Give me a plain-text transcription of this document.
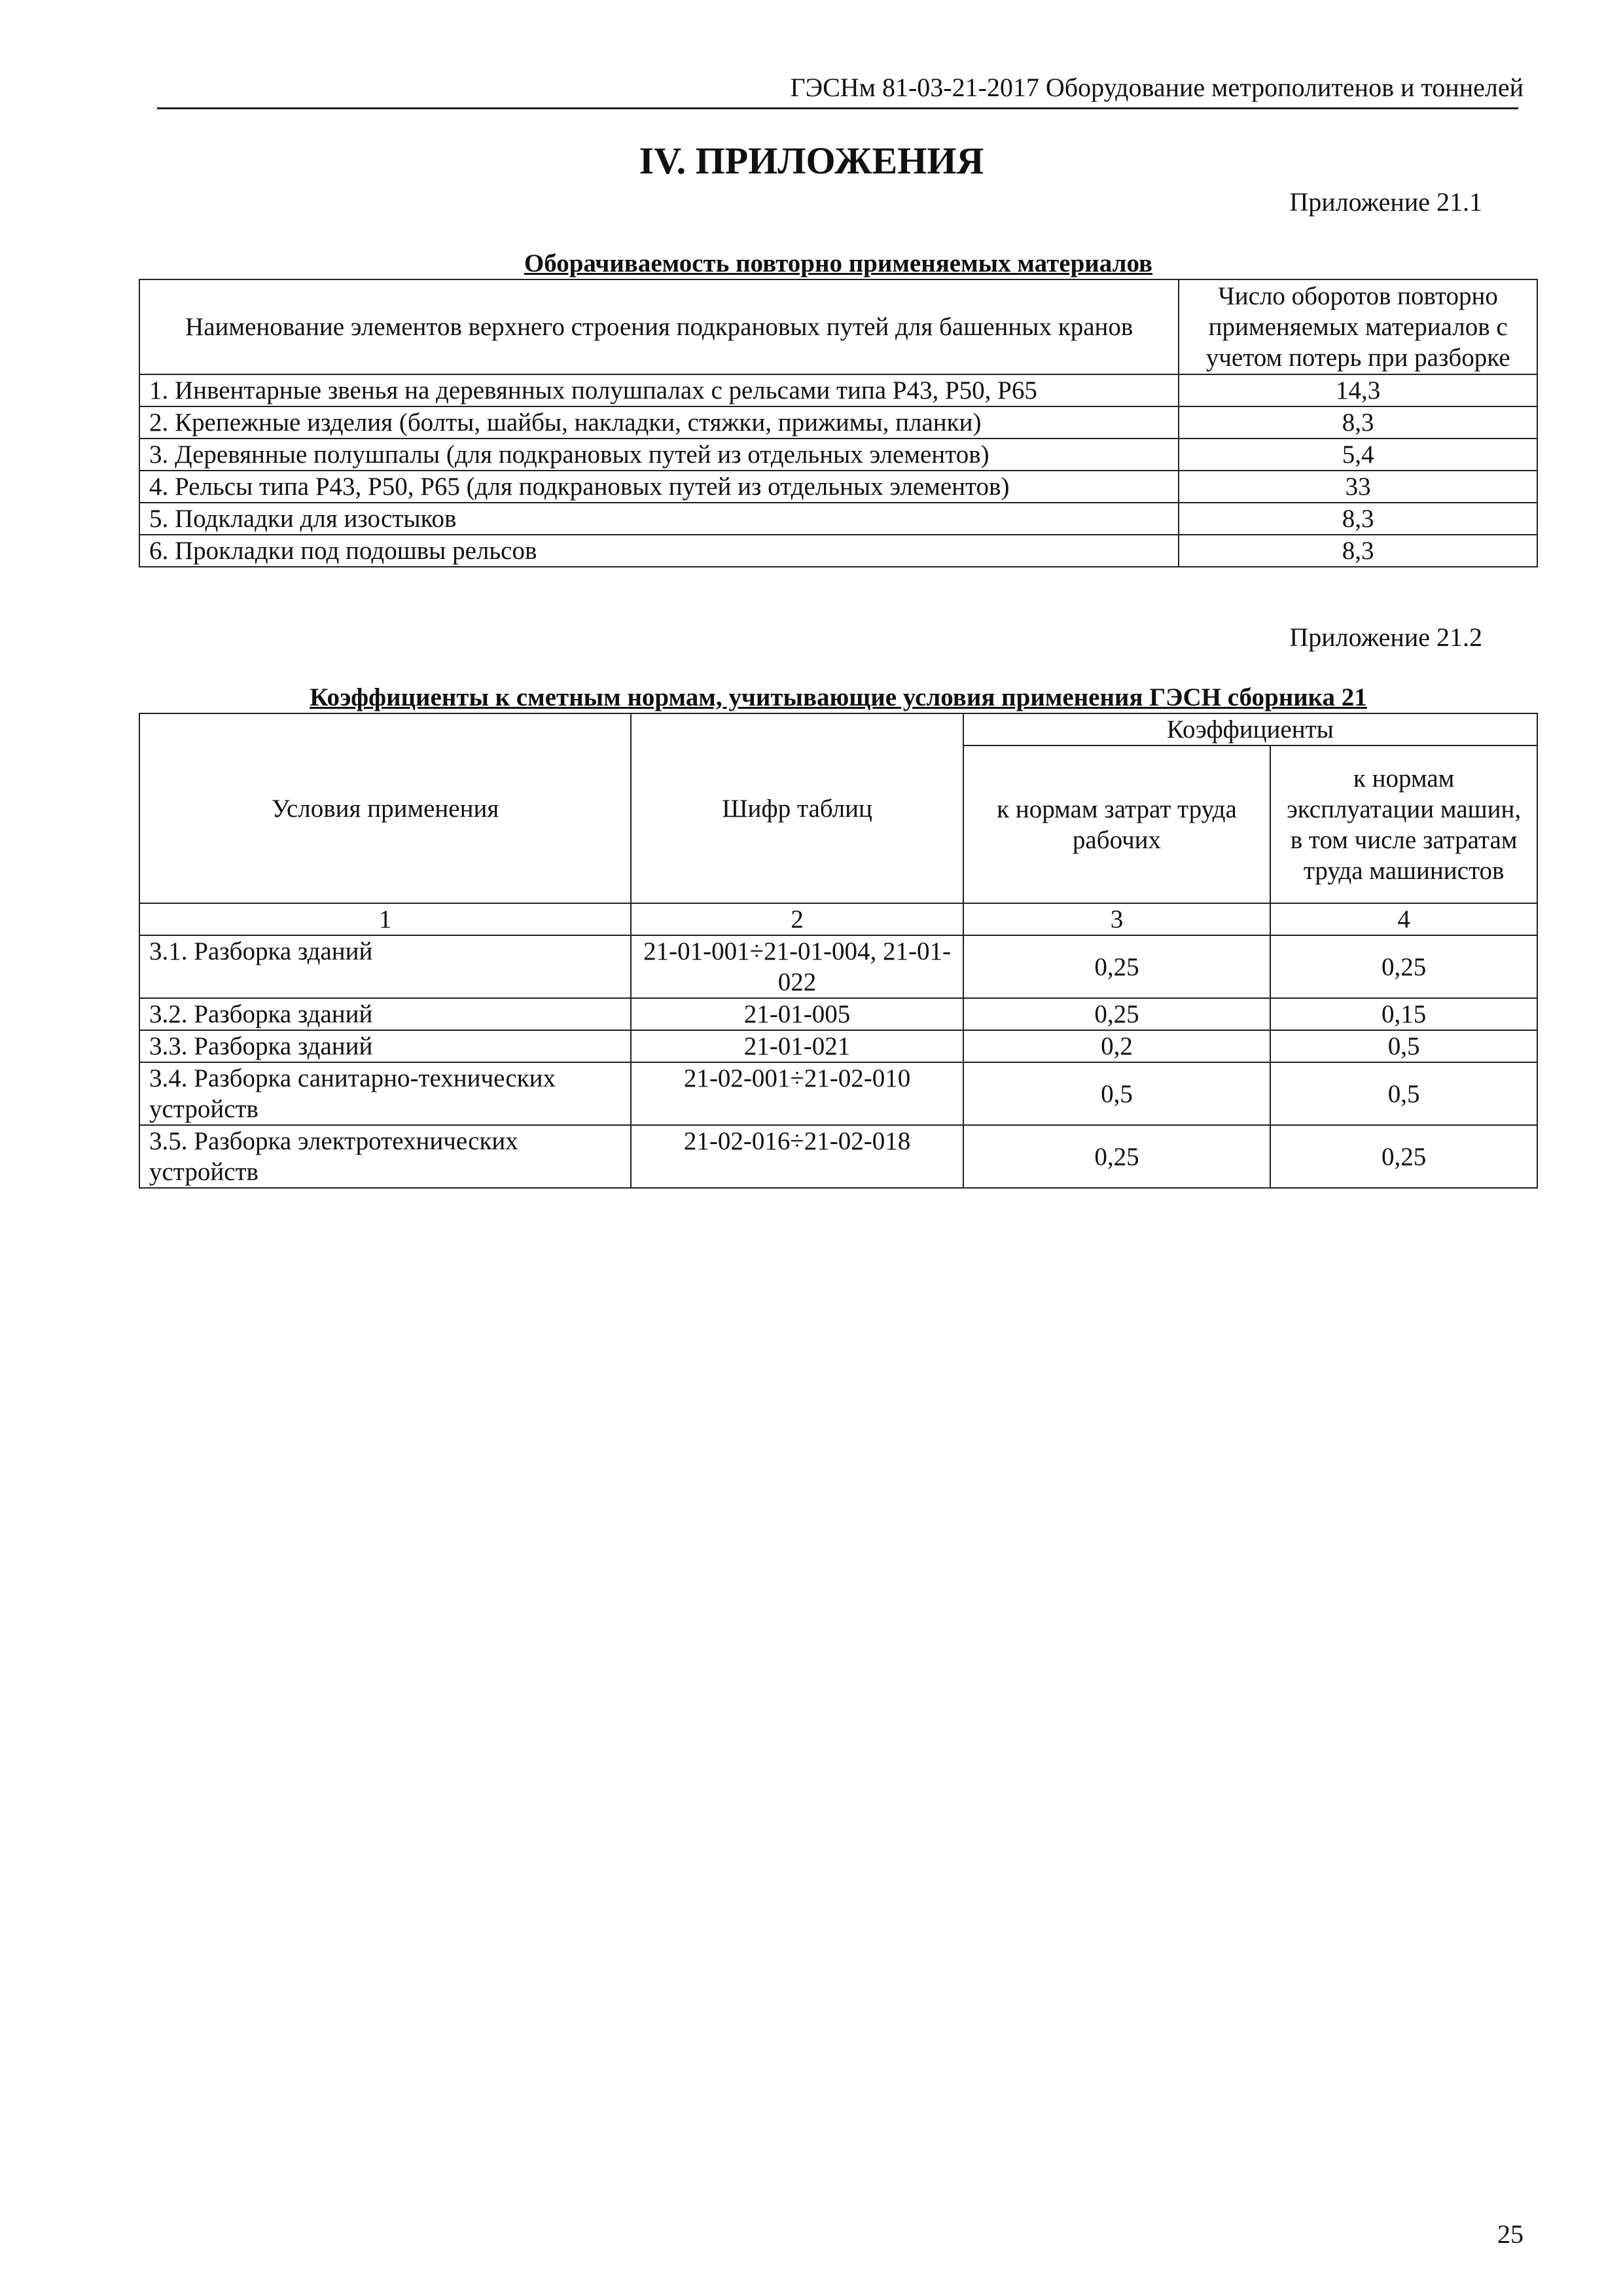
ГЭСНм 81-03-21-2017 Оборудование метрополитенов и тоннелей
IV. ПРИЛОЖЕНИЯ
Приложение 21.1
Оборачиваемость повторно применяемых материалов
Наименование элементов верхнего строения подкрановых путей для башенных кранов	Число оборотов повторно применяемых материалов с учетом потерь при разборке
1. Инвентарные звенья на деревянных полушпалах с рельсами типа Р43, Р50, Р65	14,3
2. Крепежные изделия (болты, шайбы, накладки, стяжки, прижимы, планки)	8,3
3. Деревянные полушпалы (для подкрановых путей из отдельных элементов)	5,4
4. Рельсы типа Р43, Р50, Р65 (для подкрановых путей из отдельных элементов)	33
5. Подкладки для изостыков	8,3
6. Прокладки под подошвы рельсов	8,3
Приложение 21.2
Коэффициенты к сметным нормам, учитывающие условия применения ГЭСН сборника 21
Условия применения	Шифр таблиц	Коэффициенты	
		к нормам затрат труда рабочих	к нормам эксплуатации машин, в том числе затратам труда машинистов
1	2	3	4
3.1. Разборка зданий	21-01-001÷21-01-004, 21-01-022	0,25	0,25
3.2. Разборка зданий	21-01-005	0,25	0,15
3.3. Разборка зданий	21-01-021	0,2	0,5
3.4. Разборка санитарно-технических устройств	21-02-001÷21-02-010	0,5	0,5
3.5. Разборка электротехнических устройств	21-02-016÷21-02-018	0,25	0,25
25
